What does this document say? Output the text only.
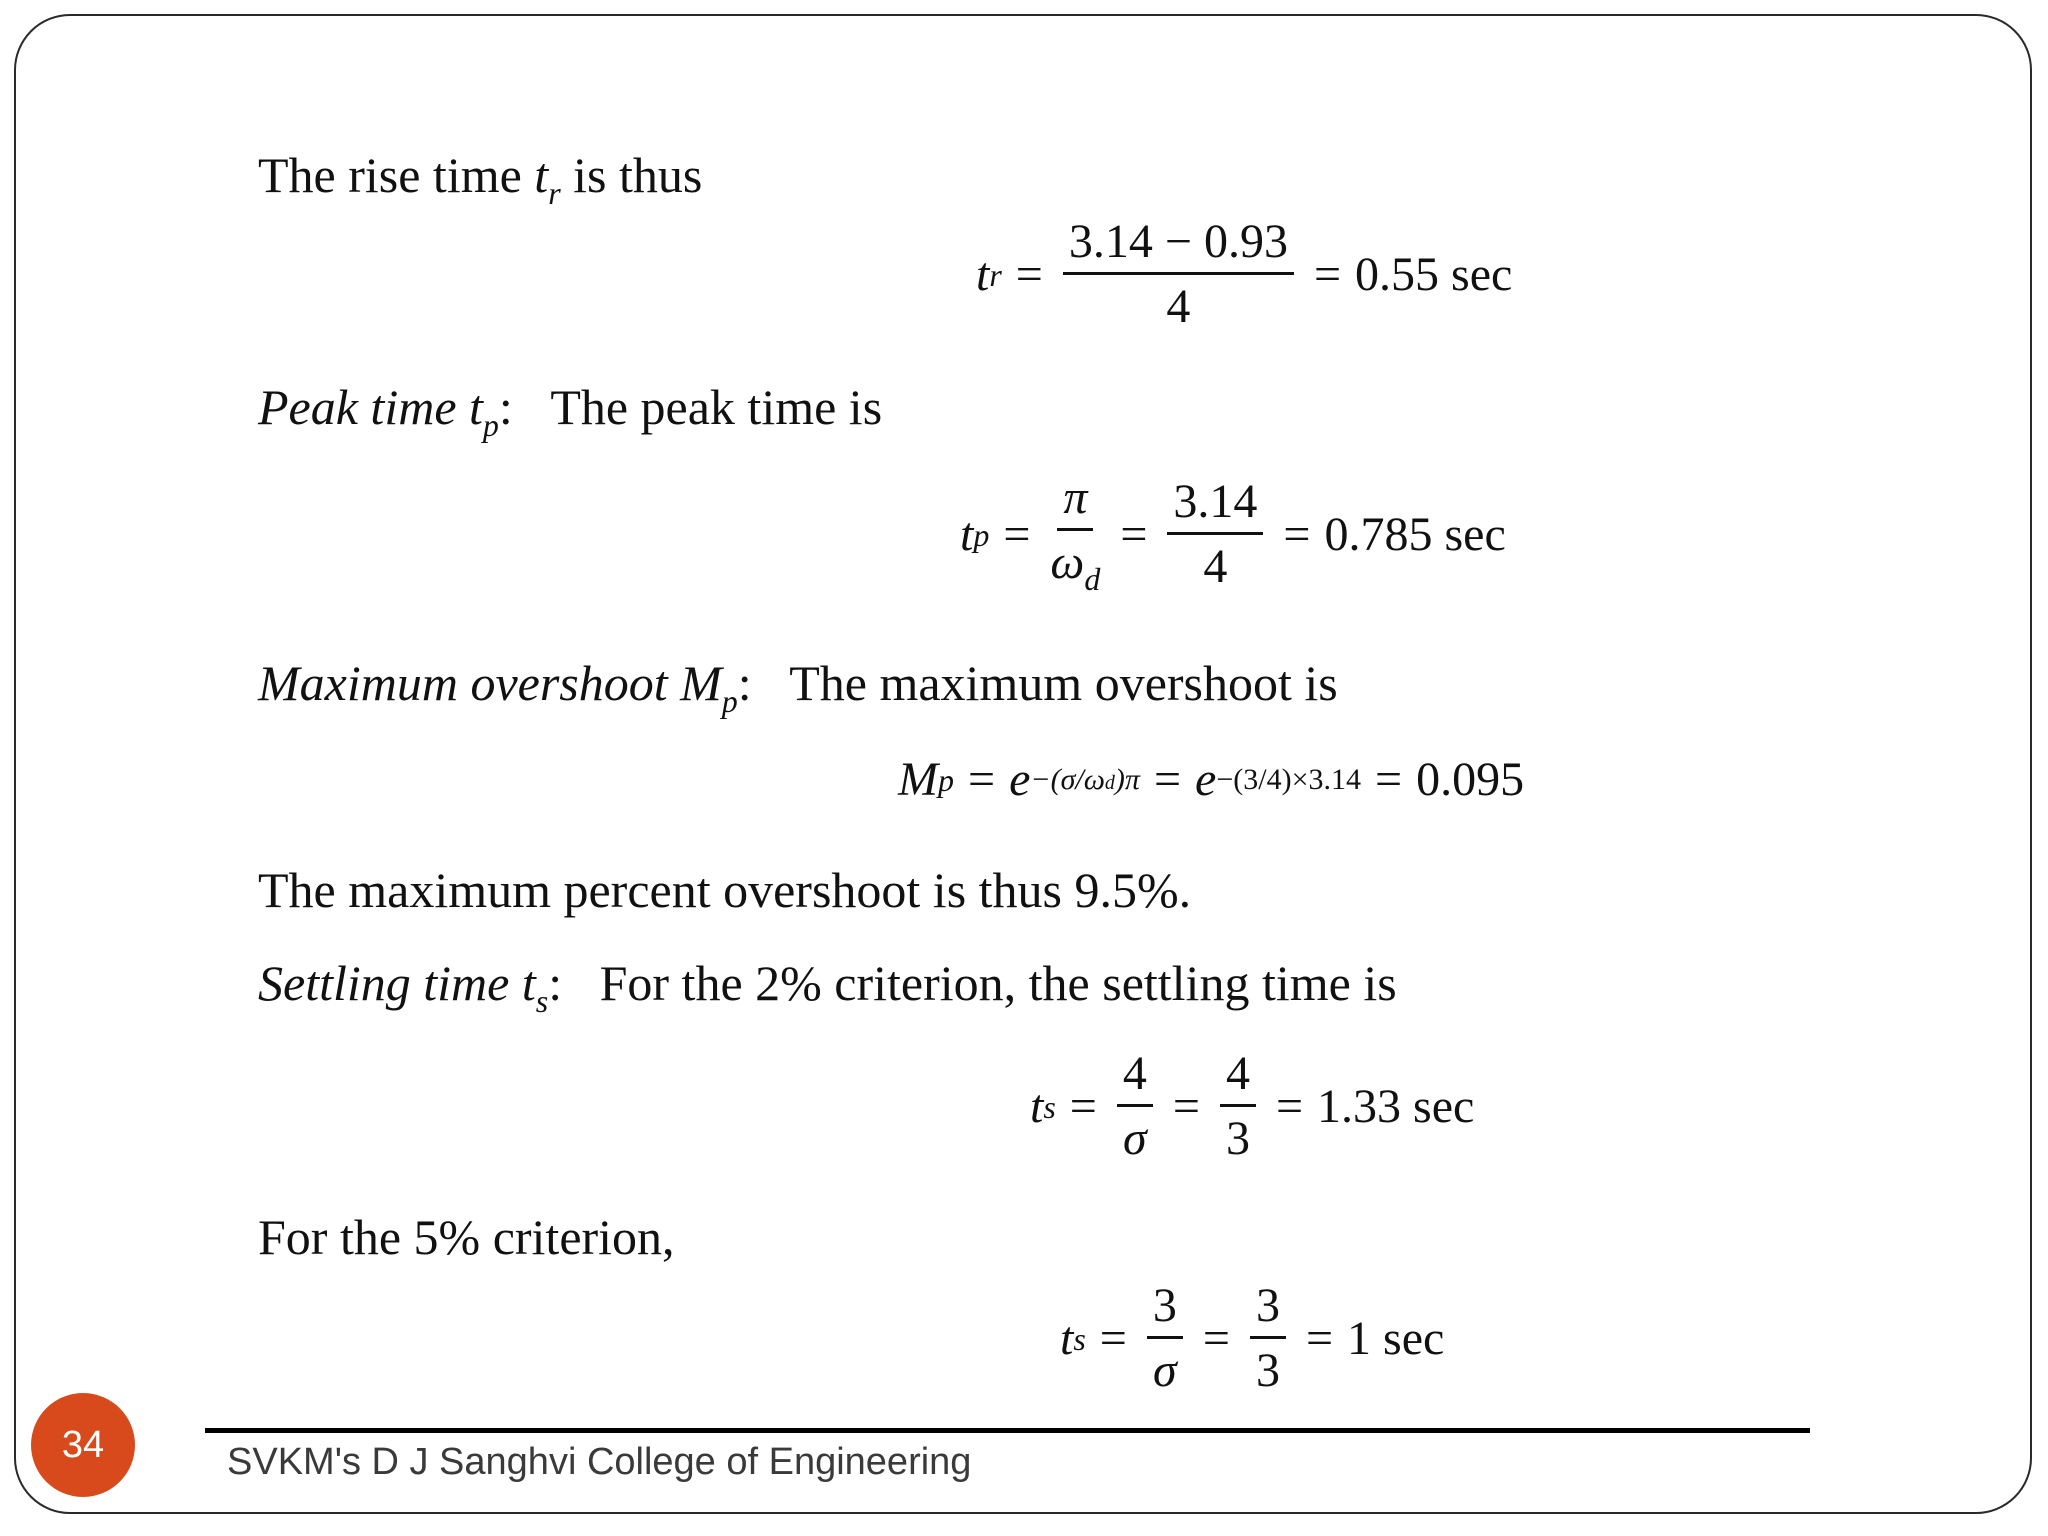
The rise time $t_r$ is thus
t $r = \frac{3.14 - 0.93}{4} = 0.55$ sec
Peak time $t_p$: The peak time is
t $p = \frac{\pi}{\omega_d} = \frac{3.14}{4} = 0.785$ sec
Maximum overshoot $M_p$: The maximum overshoot is
M p = e −(σ/ωd)π = e −(3/4)×3.14 = 0.095
The maximum percent overshoot is thus 9.5%.
Settling time $t_s$: For the 2% criterion, the settling time is
t $s = \frac{4}{\sigma} = \frac{4}{3} = 1.33$ sec
For the 5% criterion,
t $s = \frac{3}{\sigma} = \frac{3}{3} = 1$ sec
SVKM's D J Sanghvi College of Engineering
34
